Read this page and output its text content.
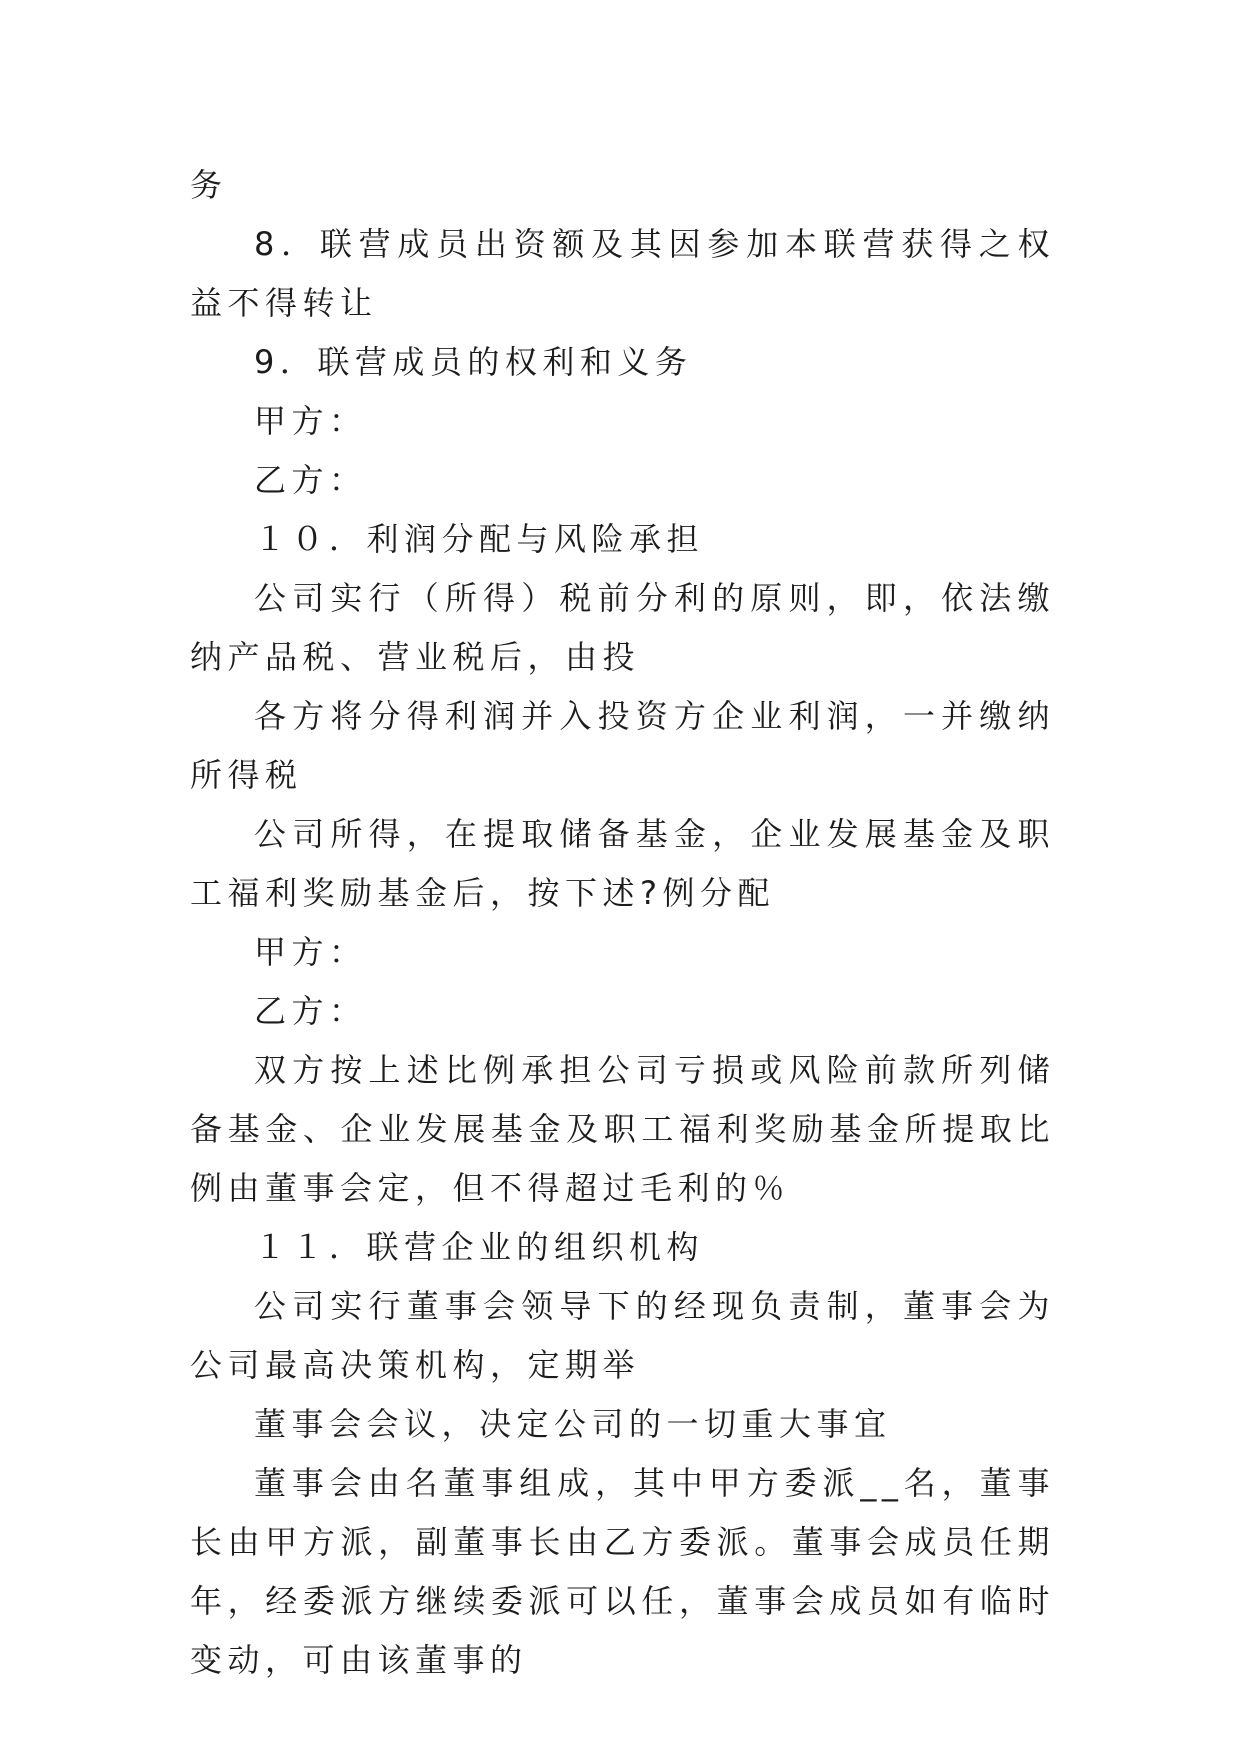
务

8．联营成员出资额及其因参加本联营获得之权益不得转让

9．联营成员的权利和义务

甲方：

乙方：

１０．利润分配与风险承担

公司实行（所得）税前分利的原则，即，依法缴纳产品税、营业税后，由投

各方将分得利润并入投资方企业利润，一并缴纳所得税

公司所得，在提取储备基金，企业发展基金及职工福利奖励基金后，按下述?例分配

甲方：

乙方：

双方按上述比例承担公司亏损或风险前款所列储备基金、企业发展基金及职工福利奖励基金所提取比例由董事会定，但不得超过毛利的％

１１．联营企业的组织机构

公司实行董事会领导下的经现负责制，董事会为公司最高决策机构，定期举

董事会会议，决定公司的一切重大事宜

董事会由名董事组成，其中甲方委派__名，董事长由甲方派，副董事长由乙方委派。董事会成员任期年，经委派方继续委派可以任，董事会成员如有临时变动，可由该董事的
